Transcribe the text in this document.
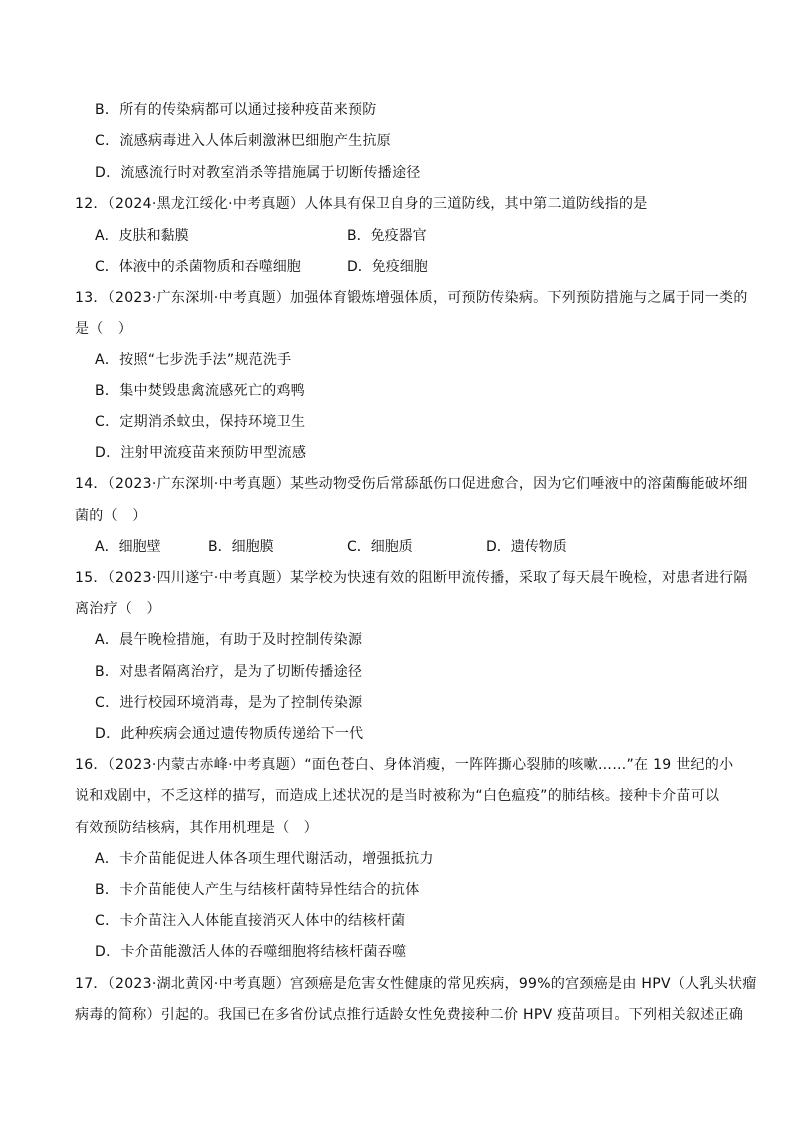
B．所有的传染病都可以通过接种疫苗来预防
C．流感病毒进入人体后刺激淋巴细胞产生抗原
D．流感流行时对教室消杀等措施属于切断传播途径
12．（2024·黑龙江绥化·中考真题）人体具有保卫自身的三道防线，其中第二道防线指的是
A．皮肤和黏膜	B．免疫器官
C．体液中的杀菌物质和吞噬细胞	D．免疫细胞
13．（2023·广东深圳·中考真题）加强体育锻炼增强体质，可预防传染病。下列预防措施与之属于同一类的
是（　）
A．按照“七步洗手法”规范洗手
B．集中焚毁患禽流感死亡的鸡鸭
C．定期消杀蚊虫，保持环境卫生
D．注射甲流疫苗来预防甲型流感
14．（2023·广东深圳·中考真题）某些动物受伤后常舔舐伤口促进愈合，因为它们唾液中的溶菌酶能破坏细
菌的（　）
A．细胞壁	B．细胞膜	C．细胞质	D．遗传物质
15．（2023·四川遂宁·中考真题）某学校为快速有效的阻断甲流传播，采取了每天晨午晚检，对患者进行隔
离治疗（　）
A．晨午晚检措施，有助于及时控制传染源
B．对患者隔离治疗，是为了切断传播途径
C．进行校园环境消毒，是为了控制传染源
D．此种疾病会通过遗传物质传递给下一代
16．（2023·内蒙古赤峰·中考真题）“面色苍白、身体消瘦，一阵阵撕心裂肺的咳嗽……”在 19 世纪的小
说和戏剧中，不乏这样的描写，而造成上述状况的是当时被称为“白色瘟疫”的肺结核。接种卡介苗可以
有效预防结核病，其作用机理是（　）
A．卡介苗能促进人体各项生理代谢活动，增强抵抗力
B．卡介苗能使人产生与结核杆菌特异性结合的抗体
C．卡介苗注入人体能直接消灭人体中的结核杆菌
D．卡介苗能激活人体的吞噬细胞将结核杆菌吞噬
17．（2023·湖北黄冈·中考真题）宫颈癌是危害女性健康的常见疾病，99%的宫颈癌是由 HPV（人乳头状瘤
病毒的简称）引起的。我国已在多省份试点推行适龄女性免费接种二价 HPV 疫苗项目。下列相关叙述正确
